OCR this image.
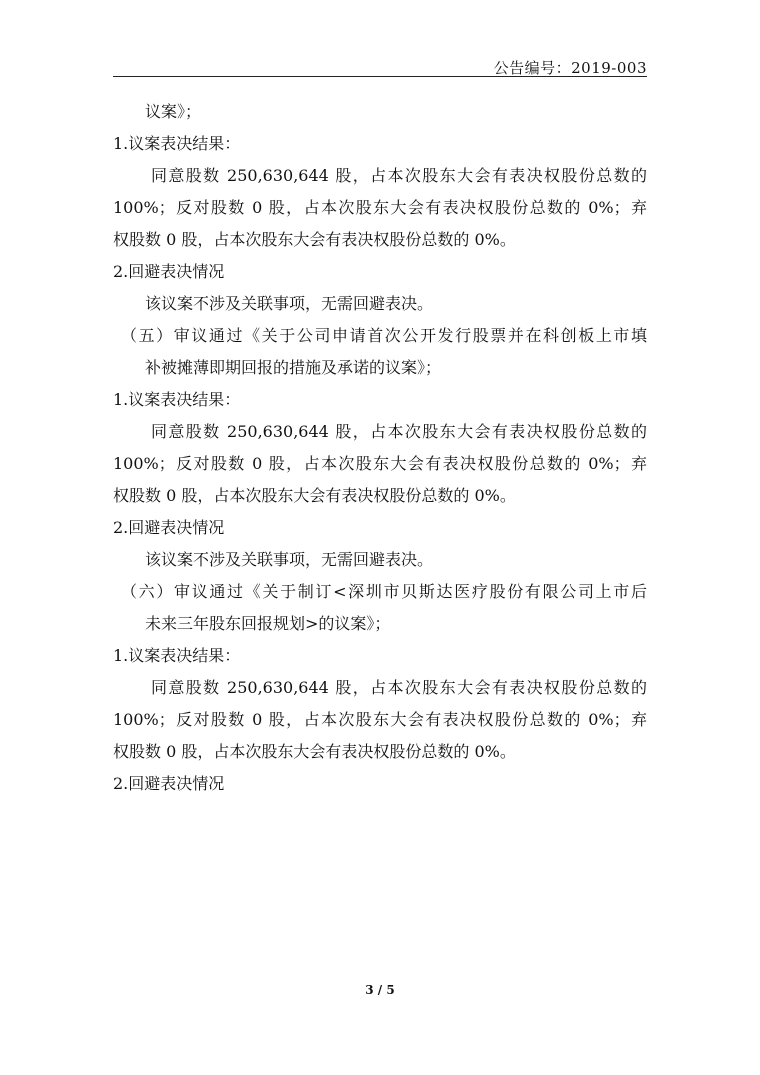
公告编号：2019-003
议案》；
1.议案表决结果：
同意股数 250,630,644 股，占本次股东大会有表决权股份总数的
100%；反对股数 0 股，占本次股东大会有表决权股份总数的 0%；弃
权股数 0 股，占本次股东大会有表决权股份总数的 0%。
2.回避表决情况
该议案不涉及关联事项，无需回避表决。
（五）审议通过《关于公司申请首次公开发行股票并在科创板上市填
补被摊薄即期回报的措施及承诺的议案》；
1.议案表决结果：
同意股数 250,630,644 股，占本次股东大会有表决权股份总数的
100%；反对股数 0 股，占本次股东大会有表决权股份总数的 0%；弃
权股数 0 股，占本次股东大会有表决权股份总数的 0%。
2.回避表决情况
该议案不涉及关联事项，无需回避表决。
（六）审议通过《关于制订<深圳市贝斯达医疗股份有限公司上市后
未来三年股东回报规划>的议案》；
1.议案表决结果：
同意股数 250,630,644 股，占本次股东大会有表决权股份总数的
100%；反对股数 0 股，占本次股东大会有表决权股份总数的 0%；弃
权股数 0 股，占本次股东大会有表决权股份总数的 0%。
2.回避表决情况
3 / 5
